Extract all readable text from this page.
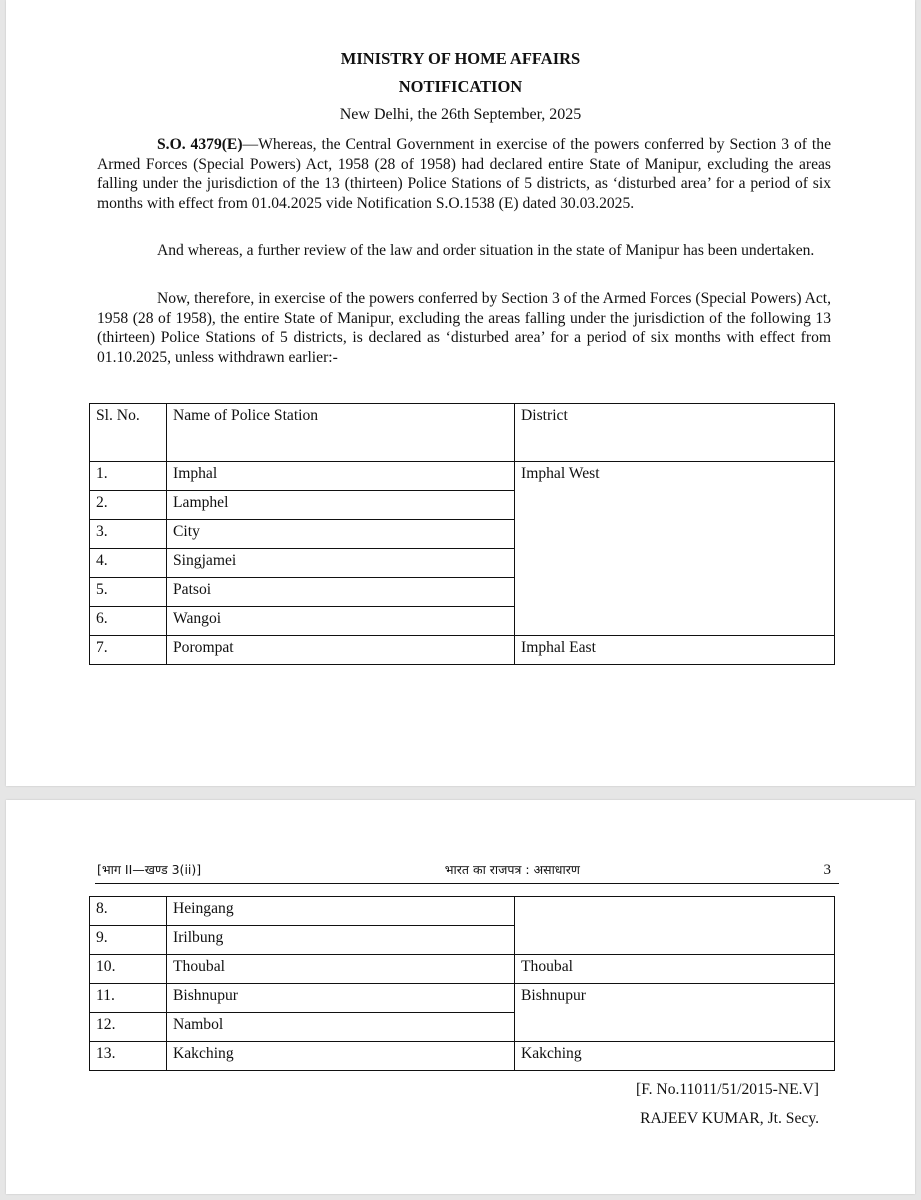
MINISTRY OF HOME AFFAIRS
NOTIFICATION
New Delhi, the 26th September, 2025

S.O. 4379(E)—Whereas, the Central Government in exercise of the powers conferred by Section 3 of the Armed Forces (Special Powers) Act, 1958 (28 of 1958) had declared entire State of Manipur, excluding the areas falling under the jurisdiction of the 13 (thirteen) Police Stations of 5 districts, as ‘disturbed area’ for a period of six months with effect from 01.04.2025 vide Notification S.O.1538 (E) dated 30.03.2025.

And whereas, a further review of the law and order situation in the state of Manipur has been undertaken.

Now, therefore, in exercise of the powers conferred by Section 3 of the Armed Forces (Special Powers) Act, 1958 (28 of 1958), the entire State of Manipur, excluding the areas falling under the jurisdiction of the following 13 (thirteen) Police Stations of 5 districts, is declared as ‘disturbed area’ for a period of six months with effect from 01.10.2025, unless withdrawn earlier:-

Sl. No.	Name of Police Station	District
1.	Imphal	Imphal West
2.	Lamphel	
3.	City	
4.	Singjamei	
5.	Patsoi	
6.	Wangoi	
7.	Porompat	Imphal East
[भाग II—खण्ड 3(ii)]	भारत का राजपत्र : असाधारण	3
8.	Heingang	
9.	Irilbung	
10.	Thoubal	Thoubal
11.	Bishnupur	Bishnupur
12.	Nambol	
13.	Kakching	Kakching
[F. No.11011/51/2015-NE.V]
RAJEEV KUMAR, Jt. Secy.
